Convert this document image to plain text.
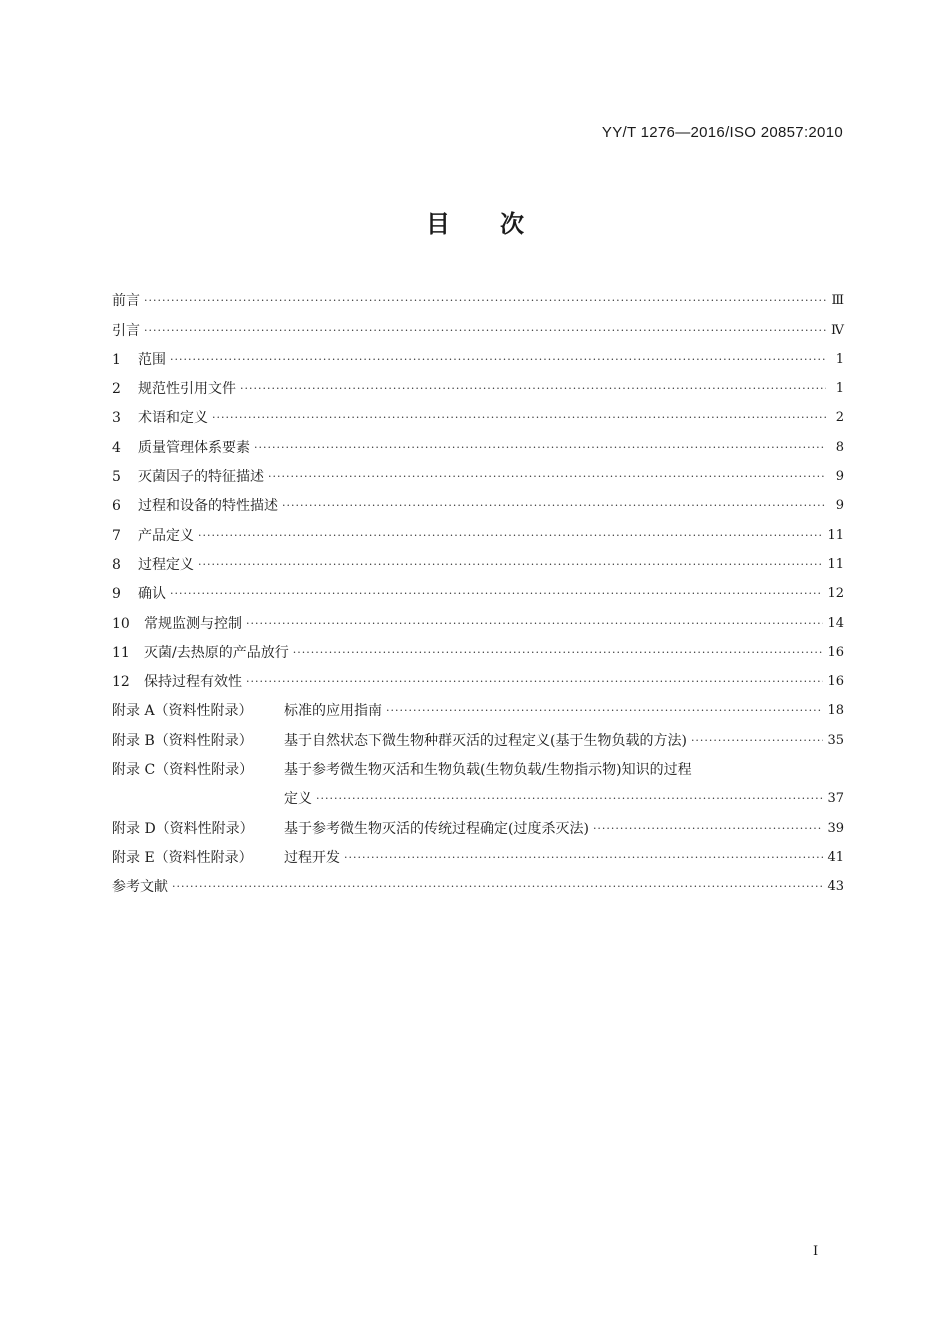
YY/T 1276—2016/ISO 20857:2010
目次
前言 ·····	Ⅲ
引言 ·····	Ⅳ
1	范围 ·····	1
2	规范性引用文件 ·····	1
3	术语和定义 ·····	2
4	质量管理体系要素 ·····	8
5	灭菌因子的特征描述 ·····	9
6	过程和设备的特性描述 ·····	9
7	产品定义 ·····	11
8	过程定义 ·····	11
9	确认 ·····	12
10	常规监测与控制 ·····	14
11	灭菌/去热原的产品放行 ·····	16
12	保持过程有效性 ·····	16
附录 A（资料性附录）	标准的应用指南 ·····	18
附录 B（资料性附录）	基于自然状态下微生物种群灭活的过程定义(基于生物负载的方法) ·····	35
附录 C（资料性附录）	基于参考微生物灭活和生物负载(生物负载/生物指示物)知识的过程
定义 ·····	37
附录 D（资料性附录）	基于参考微生物灭活的传统过程确定(过度杀灭法) ·····	39
附录 E（资料性附录）	过程开发 ·····	41
参考文献 ·····	43
I
